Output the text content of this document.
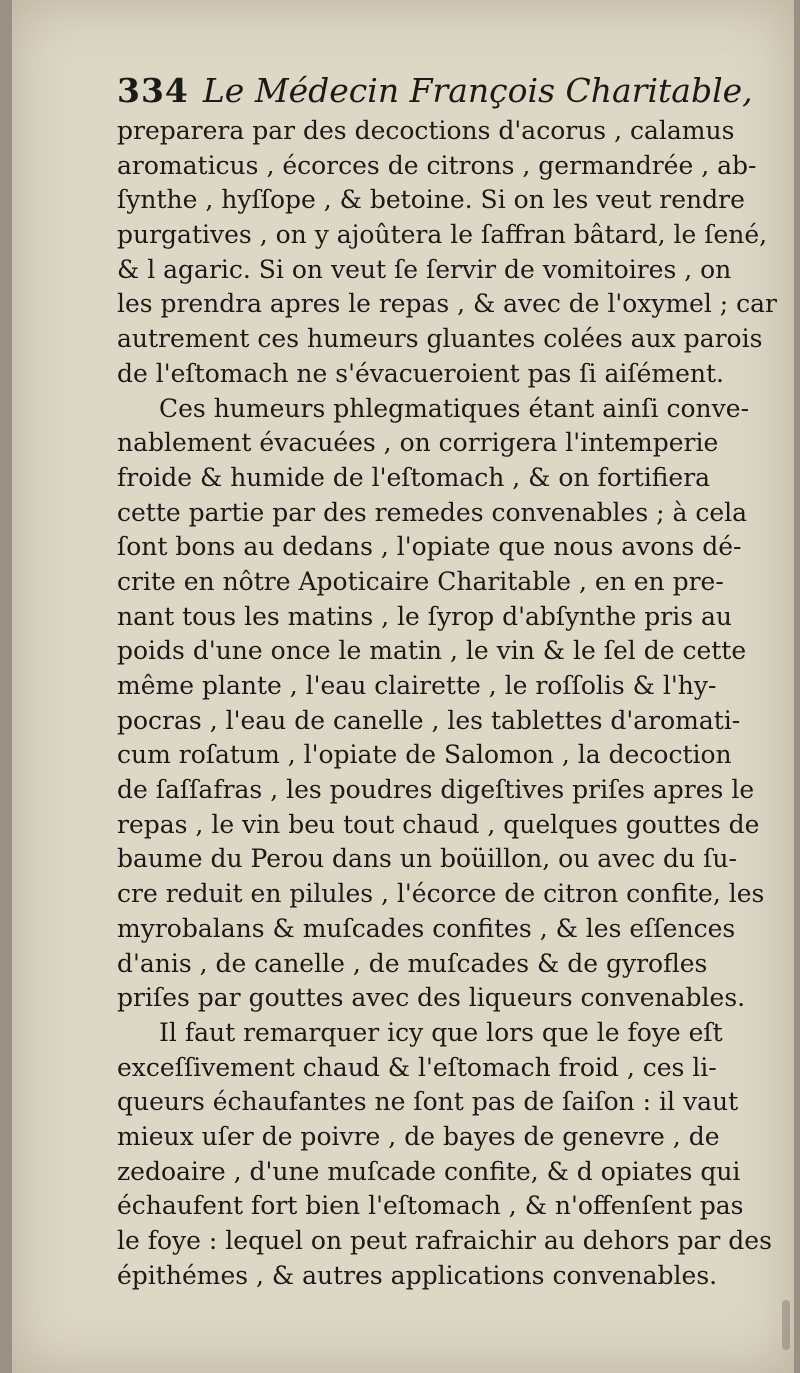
334 Le Médecin François Charitable,
preparera par des decoctions d'acorus , calamus
aromaticus , écorces de citrons , germandrée , ab-
ſynthe , hyſſope , & betoine. Si on les veut rendre
purgatives , on y ajoûtera le ſaffran bâtard, le ſené,
& l agaric. Si on veut ſe ſervir de vomitoires , on
les prendra apres le repas , & avec de l'oxymel ; car
autrement ces humeurs gluantes colées aux parois
de l'eſtomach ne s'évacueroient pas ſi aiſément.
Ces humeurs phlegmatiques étant ainſi conve-
nablement évacuées , on corrigera l'intemperie
froide & humide de l'eſtomach , & on fortifiera
cette partie par des remedes convenables ; à cela
ſont bons au dedans , l'opiate que nous avons dé-
crite en nôtre Apoticaire Charitable , en en pre-
nant tous les matins , le ſyrop d'abſynthe pris au
poids d'une once le matin , le vin & le ſel de cette
même plante , l'eau clairette , le roſſolis & l'hy-
pocras , l'eau de canelle , les tablettes d'aromati-
cum roſatum , l'opiate de Salomon , la decoction
de ſaſſafras , les poudres digeſtives priſes apres le
repas , le vin beu tout chaud , quelques gouttes de
baume du Perou dans un boüillon, ou avec du ſu-
cre reduit en pilules , l'écorce de citron confite, les
myrobalans & muſcades confites , & les eſſences
d'anis , de canelle , de muſcades & de gyrofles
priſes par gouttes avec des liqueurs convenables.
Il faut remarquer icy que lors que le foye eſt
exceſſivement chaud & l'eſtomach froid , ces li-
queurs échaufantes ne ſont pas de ſaiſon : il vaut
mieux uſer de poivre , de bayes de genevre , de
zedoaire , d'une muſcade confite, & d opiates qui
échaufent fort bien l'eſtomach , & n'offenſent pas
le foye : lequel on peut rafraichir au dehors par des
épithémes , & autres applications convenables.
